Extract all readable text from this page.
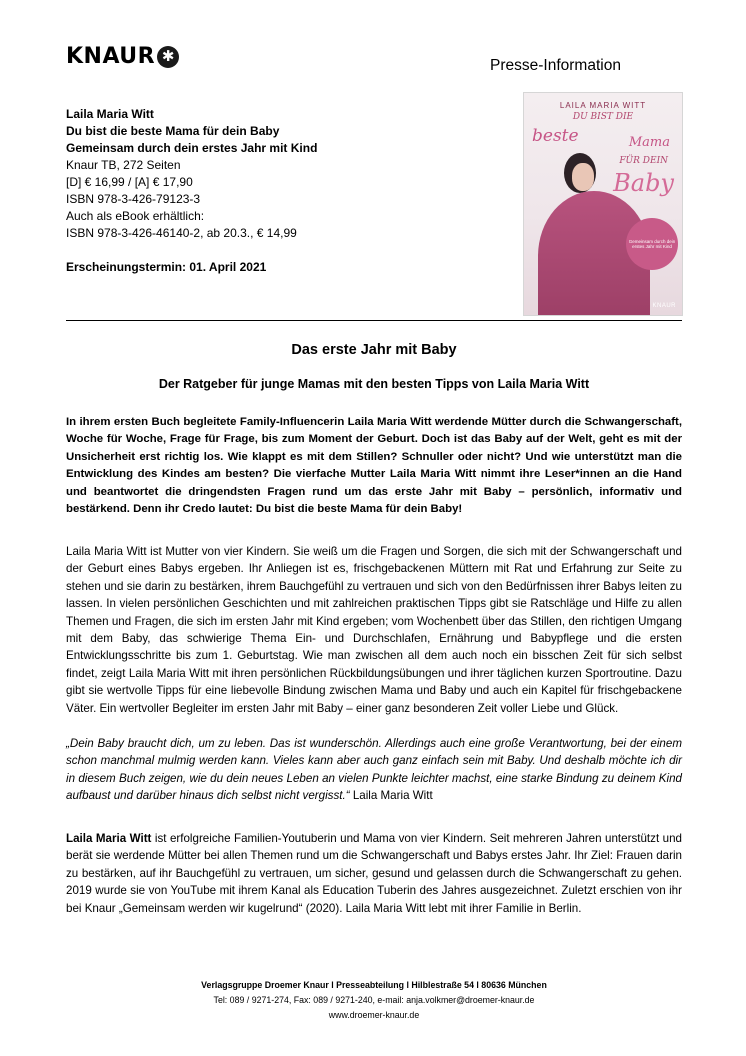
KNAUR ✱
Presse-Information
Laila Maria Witt
Du bist die beste Mama für dein Baby
Gemeinsam durch dein erstes Jahr mit Kind
Knaur TB, 272 Seiten
[D] € 16,99 / [A] € 17,90
ISBN 978-3-426-79123-3
Auch als eBook erhältlich:
ISBN 978-3-426-46140-2, ab 20.3., € 14,99
Erscheinungstermin: 01. April 2021
LAILA MARIA WITT
DU BIST DIE
beste	Mama
FÜR DEIN
Baby
Gemeinsam durch dein erstes Jahr mit Kind
KNAUR
Das erste Jahr mit Baby
Der Ratgeber für junge Mamas mit den besten Tipps von Laila Maria Witt
In ihrem ersten Buch begleitete Family-Influencerin Laila Maria Witt werdende Mütter durch die Schwangerschaft, Woche für Woche, Frage für Frage, bis zum Moment der Geburt. Doch ist das Baby auf der Welt, geht es mit der Unsicherheit erst richtig los. Wie klappt es mit dem Stillen? Schnuller oder nicht? Und wie unterstützt man die Entwicklung des Kindes am besten? Die vierfache Mutter Laila Maria Witt nimmt ihre Leser*innen an die Hand und beantwortet die dringendsten Fragen rund um das erste Jahr mit Baby – persönlich, informativ und bestärkend. Denn ihr Credo lautet: Du bist die beste Mama für dein Baby!
Laila Maria Witt ist Mutter von vier Kindern. Sie weiß um die Fragen und Sorgen, die sich mit der Schwangerschaft und der Geburt eines Babys ergeben. Ihr Anliegen ist es, frischgebackenen Müttern mit Rat und Erfahrung zur Seite zu stehen und sie darin zu bestärken, ihrem Bauchgefühl zu vertrauen und sich von den Bedürfnissen ihrer Babys leiten zu lassen. In vielen persönlichen Geschichten und mit zahlreichen praktischen Tipps gibt sie Ratschläge und Hilfe zu allen Themen und Fragen, die sich im ersten Jahr mit Kind ergeben; vom Wochenbett über das Stillen, den richtigen Umgang mit dem Baby, das schwierige Thema Ein- und Durchschlafen, Ernährung und Babypflege und die ersten Entwicklungsschritte bis zum 1. Geburtstag. Wie man zwischen all dem auch noch ein bisschen Zeit für sich selbst findet, zeigt Laila Maria Witt mit ihren persönlichen Rückbildungsübungen und ihrer täglichen kurzen Sportroutine. Dazu gibt sie wertvolle Tipps für eine liebevolle Bindung zwischen Mama und Baby und auch ein Kapitel für frischgebackene Väter. Ein wertvoller Begleiter im ersten Jahr mit Baby – einer ganz besonderen Zeit voller Liebe und Glück.
„Dein Baby braucht dich, um zu leben. Das ist wunderschön. Allerdings auch eine große Verantwortung, bei der einem schon manchmal mulmig werden kann. Vieles kann aber auch ganz einfach sein mit Baby. Und deshalb möchte ich dir in diesem Buch zeigen, wie du dein neues Leben an vielen Punkte leichter machst, eine starke Bindung zu deinem Kind aufbaust und darüber hinaus dich selbst nicht vergisst.“ Laila Maria Witt
Laila Maria Witt ist erfolgreiche Familien-Youtuberin und Mama von vier Kindern. Seit mehreren Jahren unterstützt und berät sie werdende Mütter bei allen Themen rund um die Schwangerschaft und Babys erstes Jahr. Ihr Ziel: Frauen darin zu bestärken, auf ihr Bauchgefühl zu vertrauen, um sicher, gesund und gelassen durch die Schwangerschaft zu gehen. 2019 wurde sie von YouTube mit ihrem Kanal als Education Tuberin des Jahres ausgezeichnet. Zuletzt erschien von ihr bei Knaur „Gemeinsam werden wir kugelrund“ (2020). Laila Maria Witt lebt mit ihrer Familie in Berlin.
Verlagsgruppe Droemer Knaur l Presseabteilung l Hilblestraße 54 l 80636 München
Tel: 089 / 9271-274, Fax: 089 / 9271-240, e-mail: anja.volkmer@droemer-knaur.de
www.droemer-knaur.de
